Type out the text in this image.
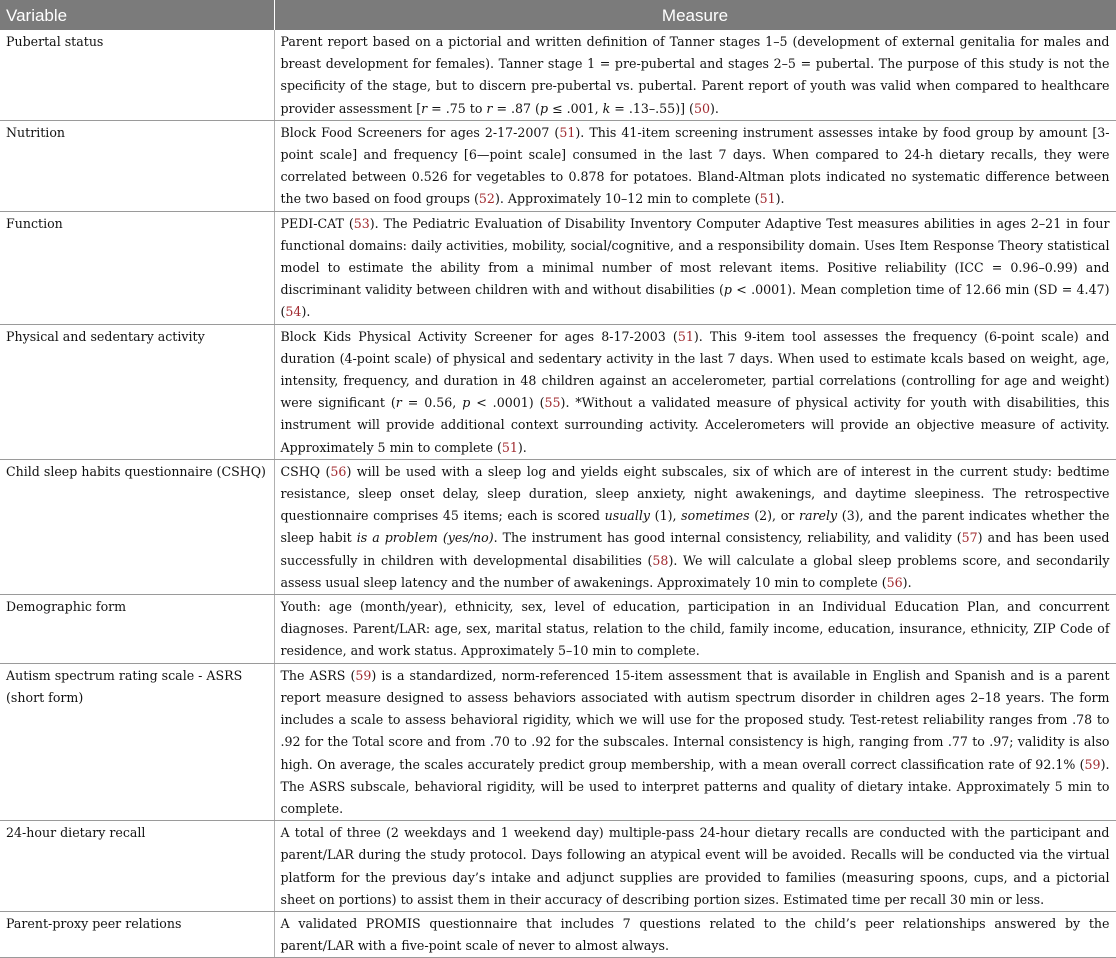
Variable	Measure
Pubertal status	Parent report based on a pictorial and written definition of Tanner stages 1–5 (development of external genitalia for males and breast development for females). Tanner stage 1 = pre-pubertal and stages 2–5 = pubertal. The purpose of this study is not the specificity of the stage, but to discern pre-pubertal vs. pubertal. Parent report of youth was valid when compared to healthcare provider assessment [r = .75 to r = .87 (p ≤ .001, k = .13–.55)] (50).
Nutrition	Block Food Screeners for ages 2-17-2007 (51). This 41-item screening instrument assesses intake by food group by amount [3-point scale] and frequency [6—point scale] consumed in the last 7 days. When compared to 24-h dietary recalls, they were correlated between 0.526 for vegetables to 0.878 for potatoes. Bland-Altman plots indicated no systematic difference between the two based on food groups (52). Approximately 10–12 min to complete (51).
Function	PEDI-CAT (53). The Pediatric Evaluation of Disability Inventory Computer Adaptive Test measures abilities in ages 2–21 in four functional domains: daily activities, mobility, social/cognitive, and a responsibility domain. Uses Item Response Theory statistical model to estimate the ability from a minimal number of most relevant items. Positive reliability (ICC = 0.96–0.99) and discriminant validity between children with and without disabilities (p < .0001). Mean completion time of 12.66 min (SD = 4.47) (54).
Physical and sedentary activity	Block Kids Physical Activity Screener for ages 8-17-2003 (51). This 9-item tool assesses the frequency (6-point scale) and duration (4-point scale) of physical and sedentary activity in the last 7 days. When used to estimate kcals based on weight, age, intensity, frequency, and duration in 48 children against an accelerometer, partial correlations (controlling for age and weight) were significant (r = 0.56, p < .0001) (55). *Without a validated measure of physical activity for youth with disabilities, this instrument will provide additional context surrounding activity. Accelerometers will provide an objective measure of activity. Approximately 5 min to complete (51).
Child sleep habits questionnaire (CSHQ)	CSHQ (56) will be used with a sleep log and yields eight subscales, six of which are of interest in the current study: bedtime resistance, sleep onset delay, sleep duration, sleep anxiety, night awakenings, and daytime sleepiness. The retrospective questionnaire comprises 45 items; each is scored usually (1), sometimes (2), or rarely (3), and the parent indicates whether the sleep habit is a problem (yes/no). The instrument has good internal consistency, reliability, and validity (57) and has been used successfully in children with developmental disabilities (58). We will calculate a global sleep problems score, and secondarily assess usual sleep latency and the number of awakenings. Approximately 10 min to complete (56).
Demographic form	Youth: age (month/year), ethnicity, sex, level of education, participation in an Individual Education Plan, and concurrent diagnoses. Parent/LAR: age, sex, marital status, relation to the child, family income, education, insurance, ethnicity, ZIP Code of residence, and work status. Approximately 5–10 min to complete.
Autism spectrum rating scale - ASRS (short form)	The ASRS (59) is a standardized, norm-referenced 15-item assessment that is available in English and Spanish and is a parent report measure designed to assess behaviors associated with autism spectrum disorder in children ages 2–18 years. The form includes a scale to assess behavioral rigidity, which we will use for the proposed study. Test-retest reliability ranges from .78 to .92 for the Total score and from .70 to .92 for the subscales. Internal consistency is high, ranging from .77 to .97; validity is also high. On average, the scales accurately predict group membership, with a mean overall correct classification rate of 92.1% (59). The ASRS subscale, behavioral rigidity, will be used to interpret patterns and quality of dietary intake. Approximately 5 min to complete.
24-hour dietary recall	A total of three (2 weekdays and 1 weekend day) multiple-pass 24-hour dietary recalls are conducted with the participant and parent/LAR during the study protocol. Days following an atypical event will be avoided. Recalls will be conducted via the virtual platform for the previous day’s intake and adjunct supplies are provided to families (measuring spoons, cups, and a pictorial sheet on portions) to assist them in their accuracy of describing portion sizes. Estimated time per recall 30 min or less.
Parent-proxy peer relations	A validated PROMIS questionnaire that includes 7 questions related to the child’s peer relationships answered by the parent/LAR with a five-point scale of never to almost always.
